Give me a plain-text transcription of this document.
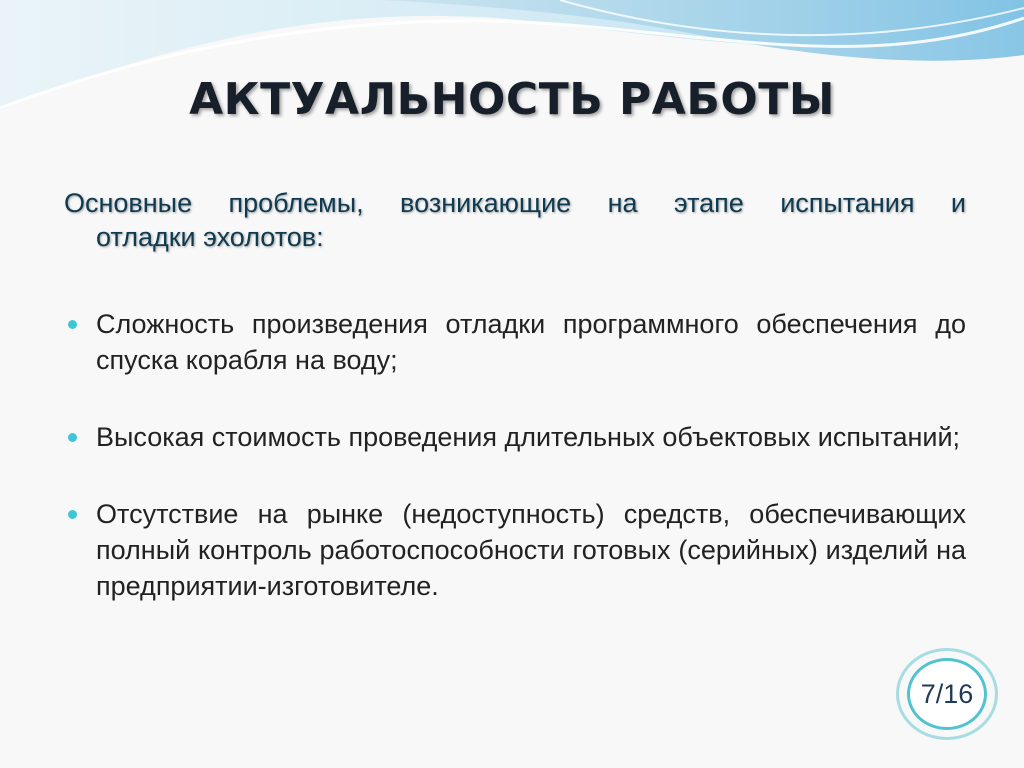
АКТУАЛЬНОСТЬ РАБОТЫ
Основные проблемы, возникающие на этапе испытания и
отладки эхолотов:
Сложность произведения отладки программного обеспечения до спуска корабля на воду;
Высокая стоимость проведения длительных объектовых испытаний;
Отсутствие на рынке (недоступность) средств, обеспечивающих полный контроль работоспособности готовых (серийных) изделий на предприятии-изготовителе.
7/16
